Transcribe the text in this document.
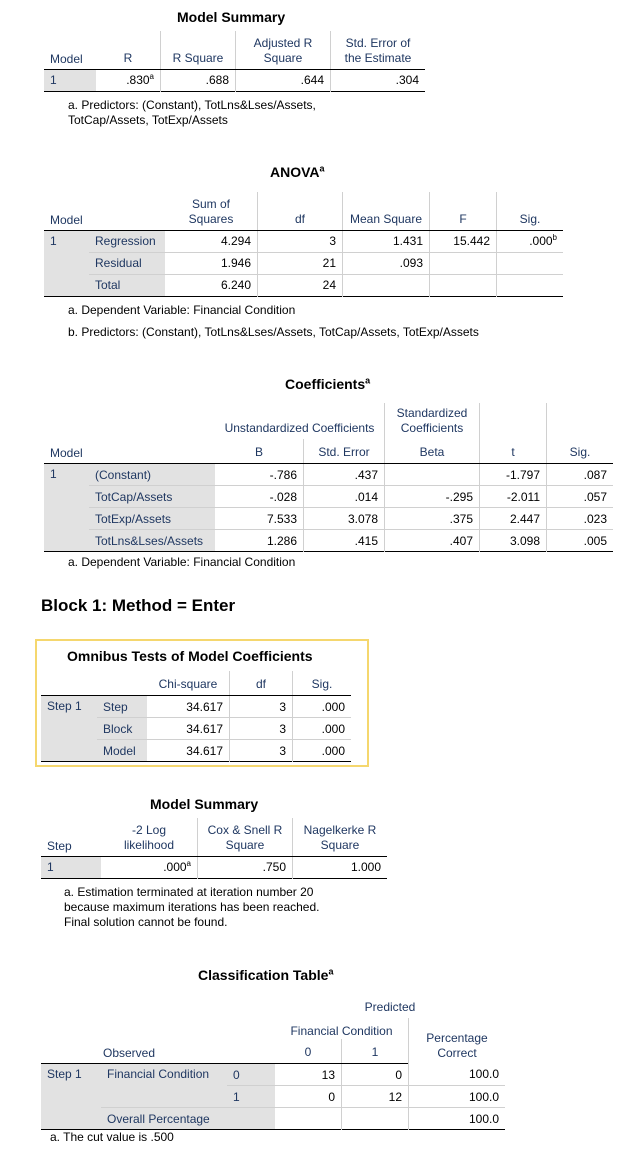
Model Summary
Model	R	R Square	Adjusted R Square	Std. Error of the Estimate
1	.830$^a$	.688	.644	.304
a. Predictors: (Constant), TotLns&Lses/Assets,
TotCap/Assets, TotExp/Assets
ANOVA$^a$
Model		Sum of Squares	df	Mean Square	F	Sig.
1	Regression	4.294	3	1.431	15.442	.000$^b$
	Residual	1.946	21	.093		
	Total	6.240	24			
a. Dependent Variable: Financial Condition
b. Predictors: (Constant), TotLns&Lses/Assets, TotCap/Assets, TotExp/Assets
Coefficients$^a$
		Unstandardized Coefficients		Standardized Coefficients		
Model		B	Std. Error	Beta	t	Sig.
1	(Constant)	-.786	.437		-1.797	.087
	TotCap/Assets	-.028	.014	-.295	-2.011	.057
	TotExp/Assets	7.533	3.078	.375	2.447	.023
	TotLns&Lses/Assets	1.286	.415	.407	3.098	.005
a. Dependent Variable: Financial Condition
Block 1: Method = Enter
Omnibus Tests of Model Coefficients
		Chi-square	df	Sig.
Step 1	Step	34.617	3	.000
	Block	34.617	3	.000
	Model	34.617	3	.000
Model Summary
Step	-2 Log likelihood	Cox & Snell R Square	Nagelkerke R Square
1	.000$^a$	.750	1.000
a. Estimation terminated at iteration number 20
because maximum iterations has been reached.
Final solution cannot be found.
Classification Table$^a$
			Predicted		
			Financial Condition		Percentage Correct
Observed			0	1	
Step 1	Financial Condition	0	13	0	100.0
		1	0	12	100.0
	Overall Percentage				100.0
a. The cut value is .500
